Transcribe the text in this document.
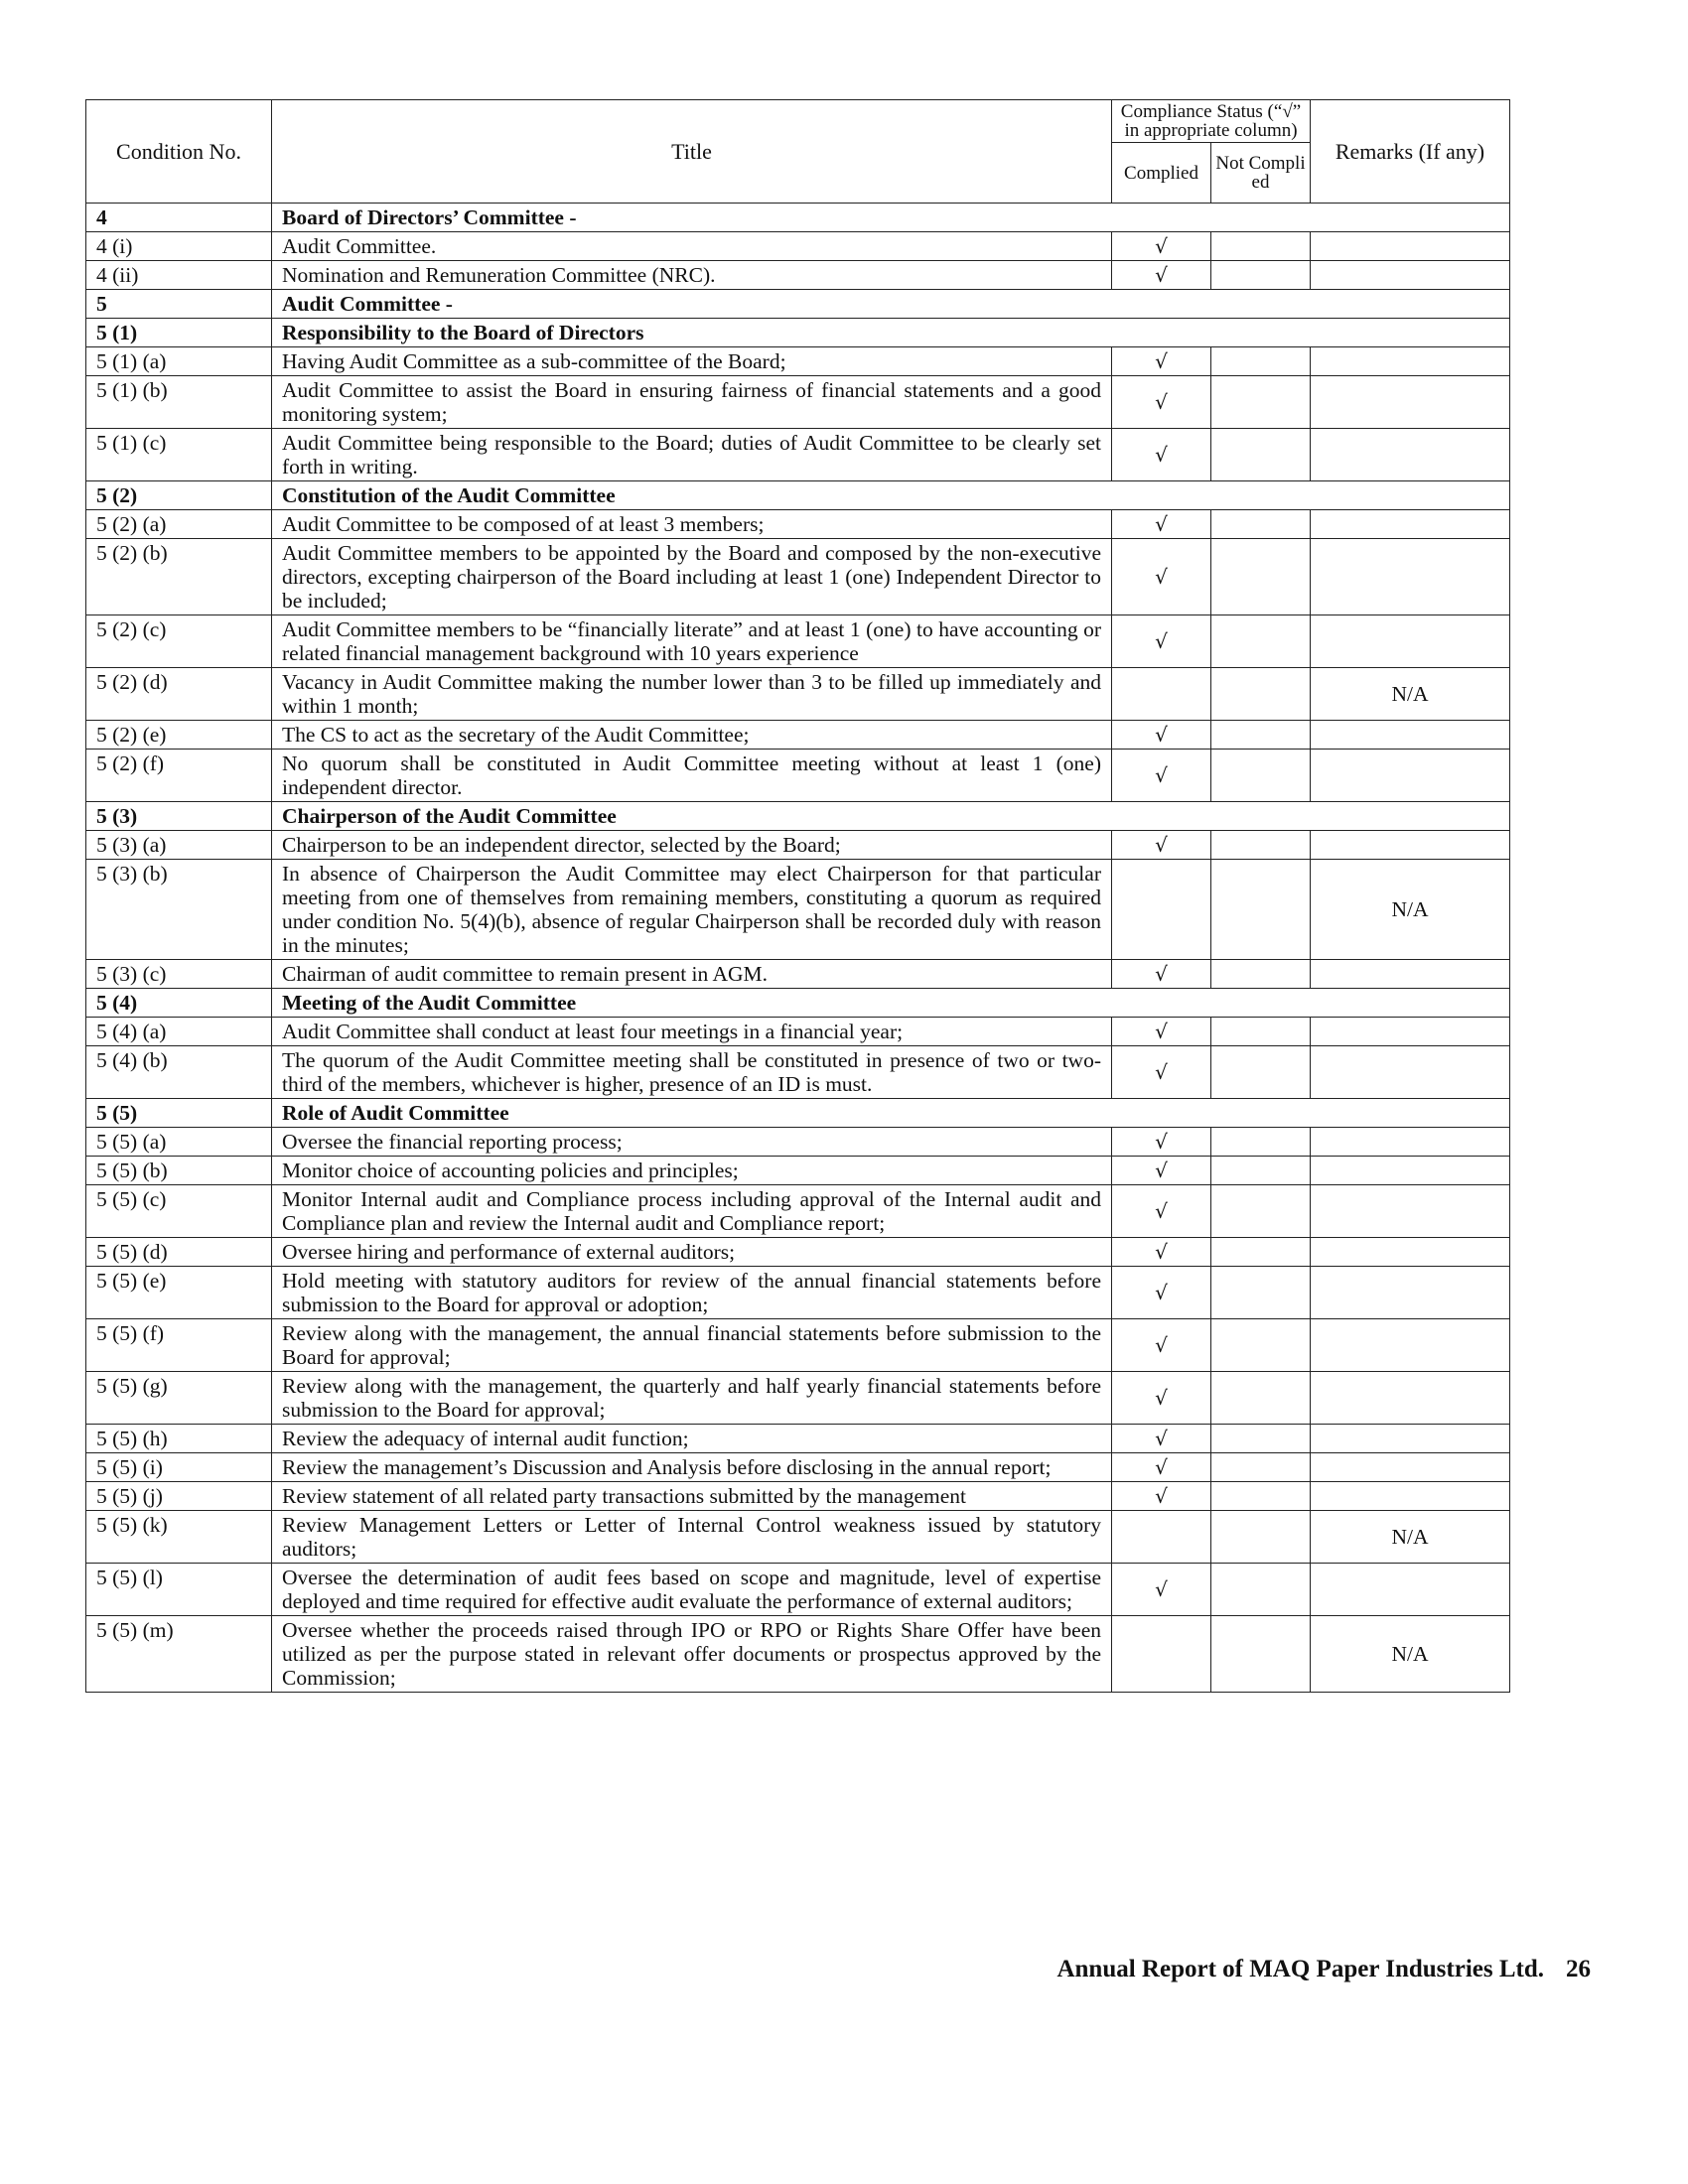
Condition No.	Title	Compliance Status (“√” in appropriate column)		Remarks (If any)
		Complied	Not Compli ed	
4	Board of Directors’ Committee -			
4 (i)	Audit Committee.	√		
4 (ii)	Nomination and Remuneration Committee (NRC).	√		
5	Audit Committee -			
5 (1)	Responsibility to the Board of Directors			
5 (1) (a)	Having Audit Committee as a sub-committee of the Board;	√		
5 (1) (b)	Audit Committee to assist the Board in ensuring fairness of financial statements and a good monitoring system;	√		
5 (1) (c)	Audit Committee being responsible to the Board; duties of Audit Committee to be clearly set forth in writing.	√		
5 (2)	Constitution of the Audit Committee			
5 (2) (a)	Audit Committee to be composed of at least 3 members;	√		
5 (2) (b)	Audit Committee members to be appointed by the Board and composed by the non-executive directors, excepting chairperson of the Board including at least 1 (one) Independent Director to be included;	√		
5 (2) (c)	Audit Committee members to be “financially literate” and at least 1 (one) to have accounting or related financial management background with 10 years experience	√		
5 (2) (d)	Vacancy in Audit Committee making the number lower than 3 to be filled up immediately and within 1 month;			N/A
5 (2) (e)	The CS to act as the secretary of the Audit Committee;	√		
5 (2) (f)	No quorum shall be constituted in Audit Committee meeting without at least 1 (one) independent director.	√		
5 (3)	Chairperson of the Audit Committee			
5 (3) (a)	Chairperson to be an independent director, selected by the Board;	√		
5 (3) (b)	In absence of Chairperson the Audit Committee may elect Chairperson for that particular meeting from one of themselves from remaining members, constituting a quorum as required under condition No. 5(4)(b), absence of regular Chairperson shall be recorded duly with reason in the minutes;			N/A
5 (3) (c)	Chairman of audit committee to remain present in AGM.	√		
5 (4)	Meeting of the Audit Committee			
5 (4) (a)	Audit Committee shall conduct at least four meetings in a financial year;	√		
5 (4) (b)	The quorum of the Audit Committee meeting shall be constituted in presence of two or two-third of the members, whichever is higher, presence of an ID is must.	√		
5 (5)	Role of Audit Committee			
5 (5) (a)	Oversee the financial reporting process;	√		
5 (5) (b)	Monitor choice of accounting policies and principles;	√		
5 (5) (c)	Monitor Internal audit and Compliance process including approval of the Internal audit and Compliance plan and review the Internal audit and Compliance report;	√		
5 (5) (d)	Oversee hiring and performance of external auditors;	√		
5 (5) (e)	Hold meeting with statutory auditors for review of the annual financial statements before submission to the Board for approval or adoption;	√		
5 (5) (f)	Review along with the management, the annual financial statements before submission to the Board for approval;	√		
5 (5) (g)	Review along with the management, the quarterly and half yearly financial statements before submission to the Board for approval;	√		
5 (5) (h)	Review the adequacy of internal audit function;	√		
5 (5) (i)	Review the management’s Discussion and Analysis before disclosing in the annual report;	√		
5 (5) (j)	Review statement of all related party transactions submitted by the management	√		
5 (5) (k)	Review Management Letters or Letter of Internal Control weakness issued by statutory auditors;			N/A
5 (5) (l)	Oversee the determination of audit fees based on scope and magnitude, level of expertise deployed and time required for effective audit evaluate the performance of external auditors;	√		
5 (5) (m)	Oversee whether the proceeds raised through IPO or RPO or Rights Share Offer have been utilized as per the purpose stated in relevant offer documents or prospectus approved by the Commission;			N/A
Annual Report of MAQ Paper Industries Ltd. 26
